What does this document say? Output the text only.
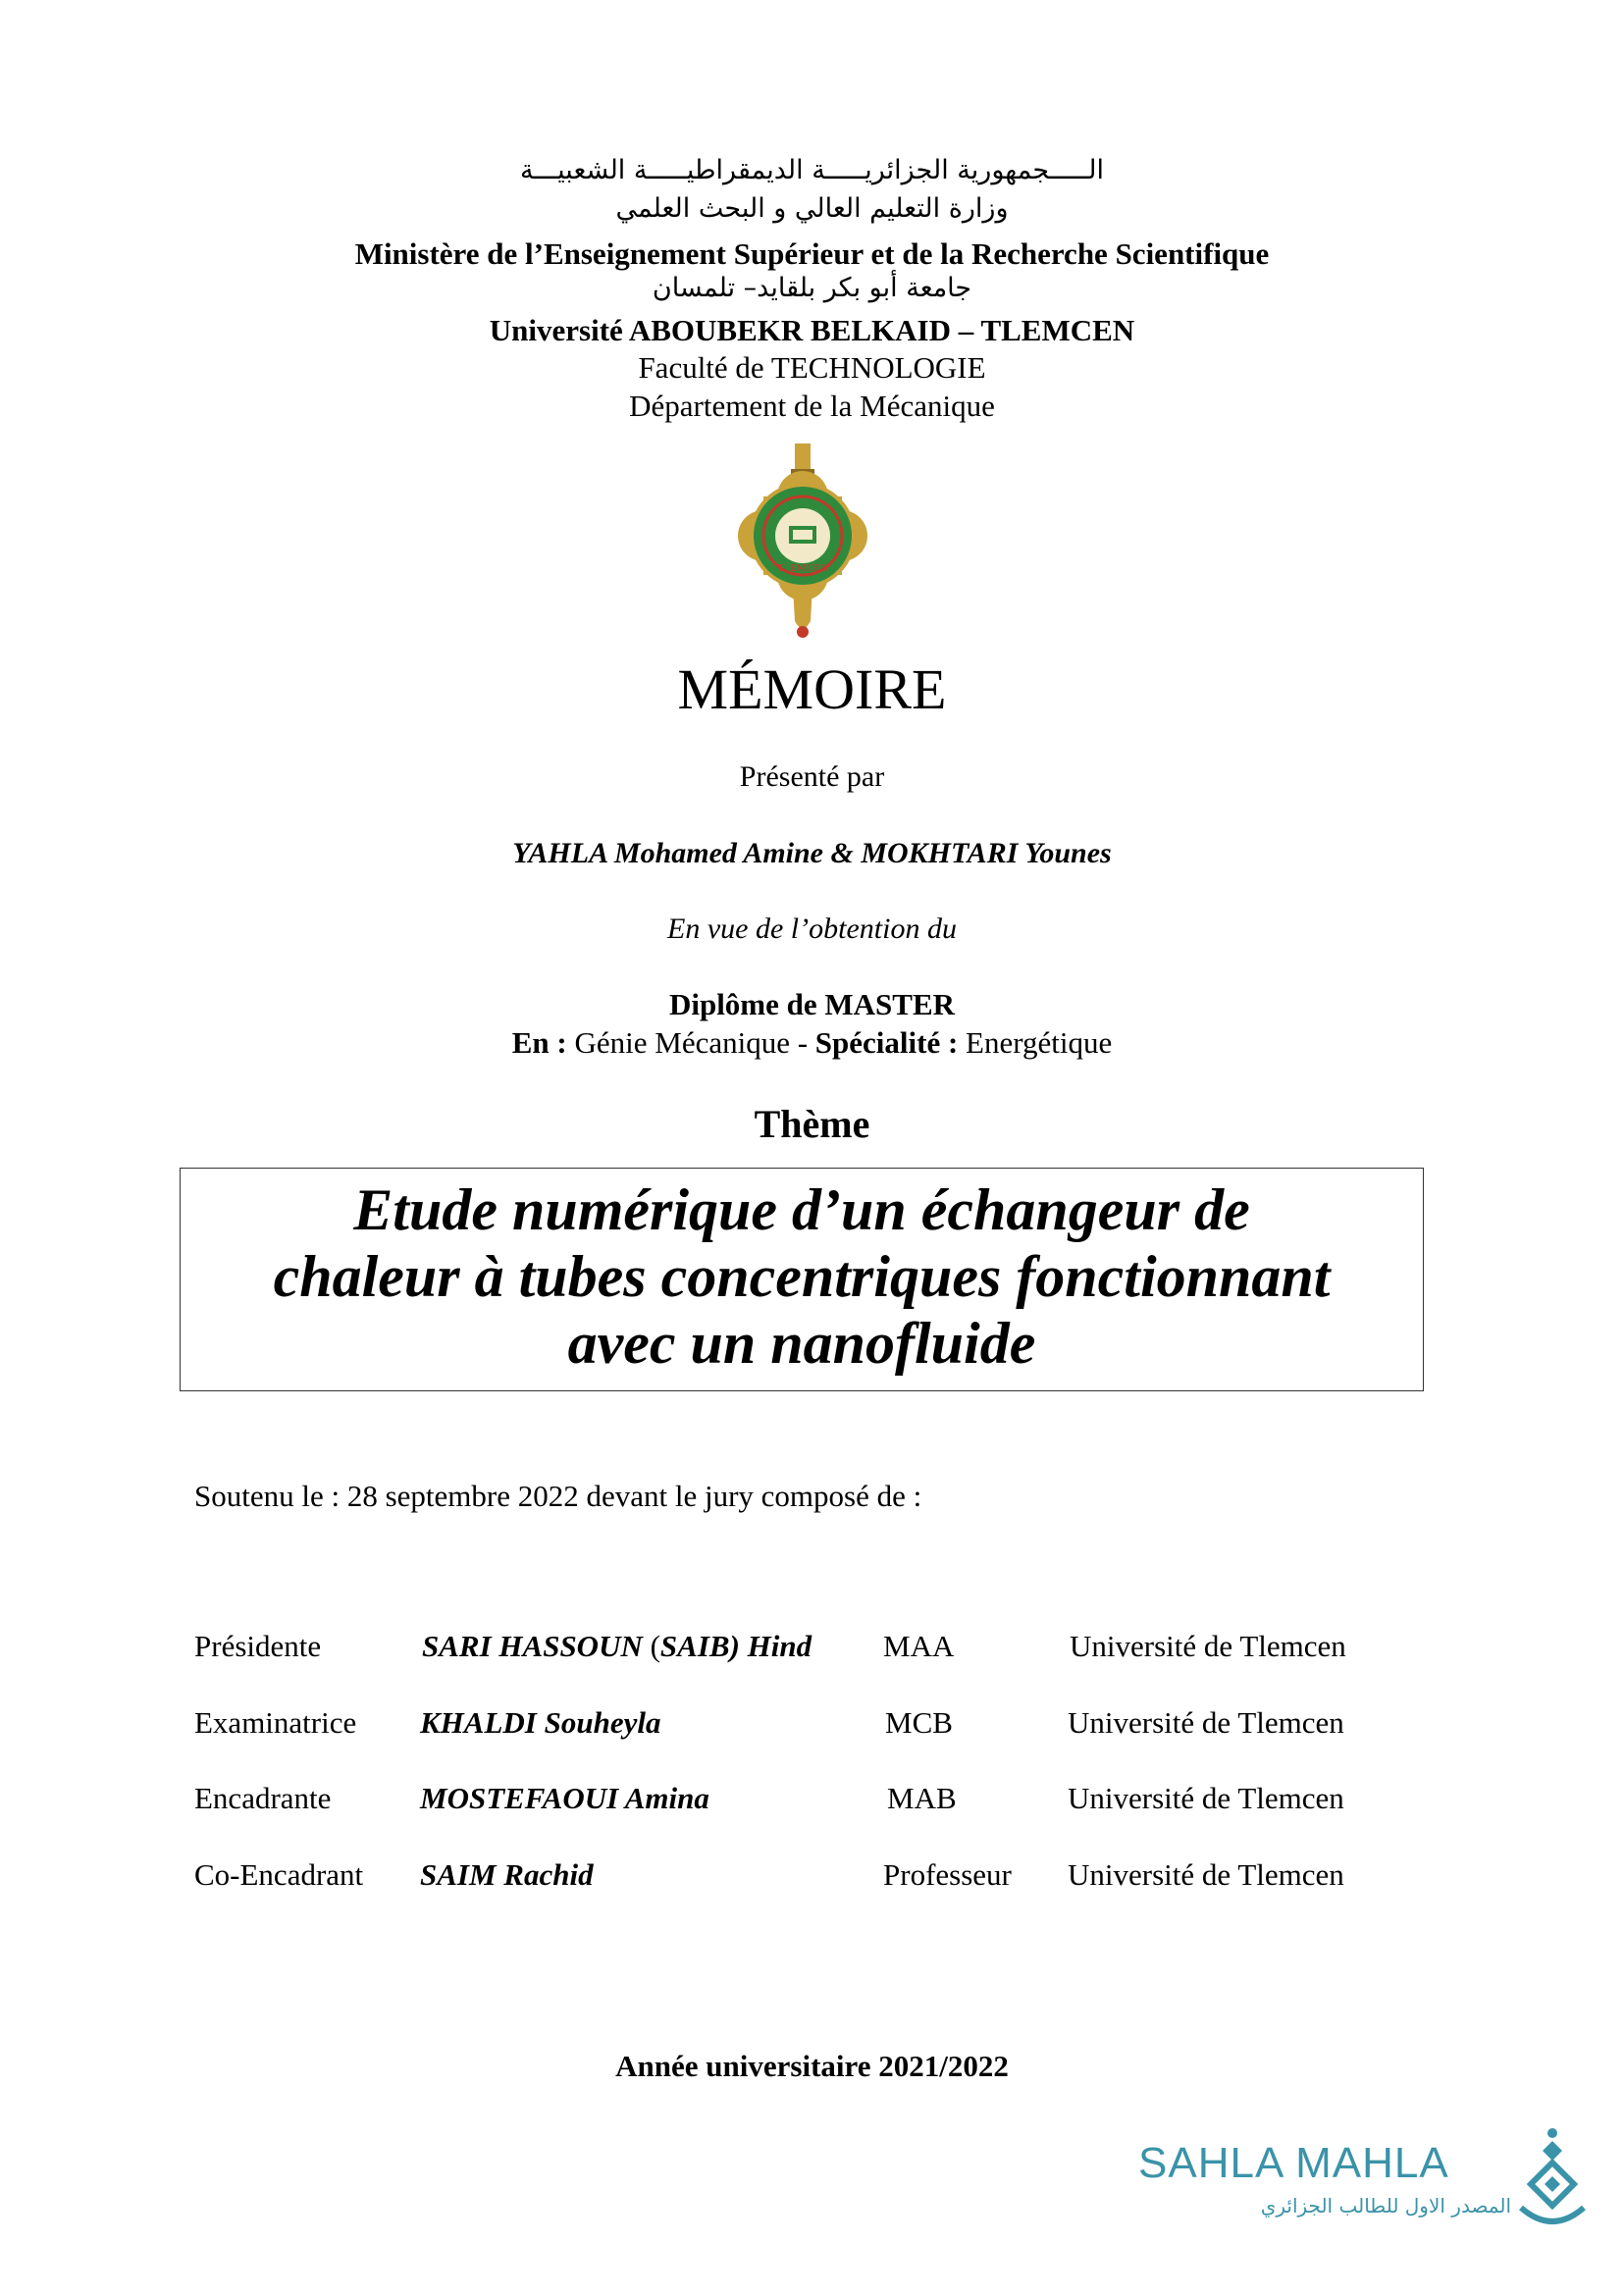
الـــــجمهورية الجزائريـــــة الديمقراطيـــــة الشعبيـــة
وزارة التعليم العالي و البحث العلمي
Ministère de l’Enseignement Supérieur et de la Recherche Scientifique
جامعة أبو بكر بلقايد– تلمسان
Université ABOUBEKR BELKAID – TLEMCEN
Faculté de TECHNOLOGIE
Département de la Mécanique
TLEMCEN
MÉMOIRE
Présenté par
YAHLA Mohamed Amine & MOKHTARI Younes
En vue de l’obtention du
Diplôme de MASTER
En : Génie Mécanique - Spécialité : Energétique
Thème
Etude numérique d’un échangeur de
chaleur à tubes concentriques fonctionnant
avec un nanofluide
Soutenu le : 28 septembre 2022 devant le jury composé de :
Présidente	SARI HASSOUN (SAIB) Hind MAA	Université de Tlemcen
Examinatrice KHALDI Souheyla	MCB	Université de Tlemcen
Encadrante	MOSTEFAOUI Amina	MAB	Université de Tlemcen
Co-Encadrant SAIM Rachid	Professeur Université de Tlemcen
Année universitaire 2021/2022
SAHLA MAHLA
المصدر الاول للطالب الجزائري
